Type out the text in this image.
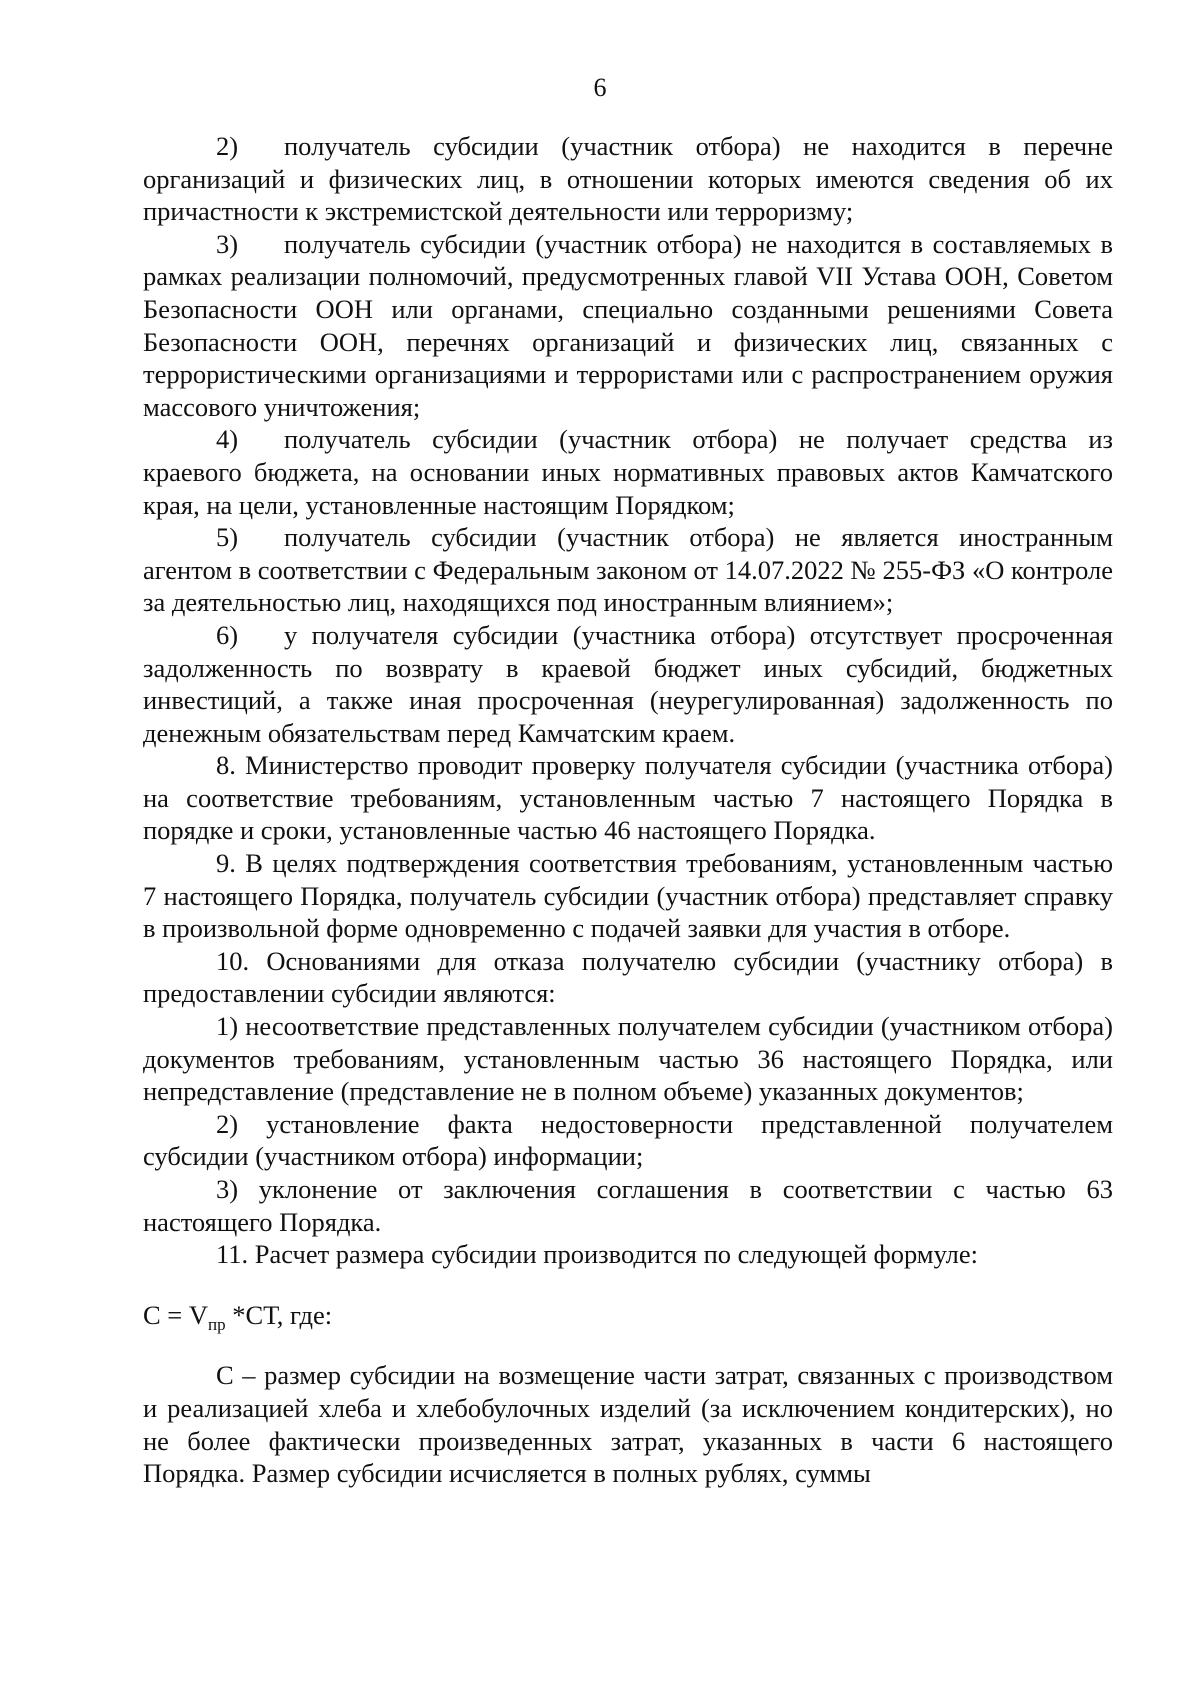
6

2) получатель субсидии (участник отбора) не находится в перечне организаций и физических лиц, в отношении которых имеются сведения об их причастности к экстремистской деятельности или терроризму;

3) получатель субсидии (участник отбора) не находится в составляемых в рамках реализации полномочий, предусмотренных главой VII Устава ООН, Советом Безопасности ООН или органами, специально созданными решениями Совета Безопасности ООН, перечнях организаций и физических лиц, связанных с террористическими организациями и террористами или с распространением оружия массового уничтожения;

4) получатель субсидии (участник отбора) не получает средства из краевого бюджета, на основании иных нормативных правовых актов Камчатского края, на цели, установленные настоящим Порядком;

5) получатель субсидии (участник отбора) не является иностранным агентом в соответствии с Федеральным законом от 14.07.2022 № 255-ФЗ «О контроле за деятельностью лиц, находящихся под иностранным влиянием»;

6) у получателя субсидии (участника отбора) отсутствует просроченная задолженность по возврату в краевой бюджет иных субсидий, бюджетных инвестиций, а также иная просроченная (неурегулированная) задолженность по денежным обязательствам перед Камчатским краем.

8. Министерство проводит проверку получателя субсидии (участника отбора) на соответствие требованиям, установленным частью 7 настоящего Порядка в порядке и сроки, установленные частью 46 настоящего Порядка.

9. В целях подтверждения соответствия требованиям, установленным частью 7 настоящего Порядка, получатель субсидии (участник отбора) представляет справку в произвольной форме одновременно с подачей заявки для участия в отборе.

10. Основаниями для отказа получателю субсидии (участнику отбора) в предоставлении субсидии являются:

1) несоответствие представленных получателем субсидии (участником отбора) документов требованиям, установленным частью 36 настоящего Порядка, или непредставление (представление не в полном объеме) указанных документов;

2) установление факта недостоверности представленной получателем субсидии (участником отбора) информации;

3) уклонение от заключения соглашения в соответствии с частью 63 настоящего Порядка.

11. Расчет размера субсидии производится по следующей формуле:

$С = V_{пр}$ *СТ, где:

С – размер субсидии на возмещение части затрат, связанных с производством и реализацией хлеба и хлебобулочных изделий (за исключением кондитерских), но не более фактически произведенных затрат, указанных в части 6 настоящего Порядка. Размер субсидии исчисляется в полных рублях, суммы
